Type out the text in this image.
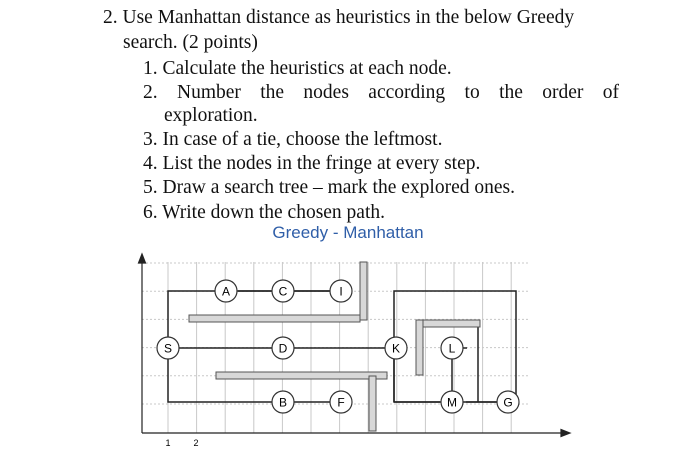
2. Use Manhattan distance as heuristics in the below Greedy
search. (2 points)
1. Calculate the heuristics at each node.
2. Number the nodes according to the order of
exploration.
3. In case of a tie, choose the leftmost.
4. List the nodes in the fringe at every step.
5. Draw a search tree – mark the explored ones.
6. Write down the chosen path.
Greedy - Manhattan
A	C	I
S	D	K	L
B	F	M	G
1	2
